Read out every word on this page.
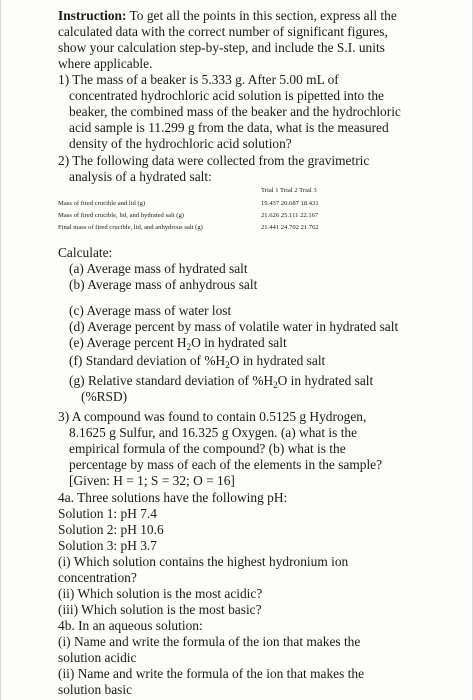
Instruction: To get all the points in this section, express all the
calculated data with the correct number of significant figures,
show your calculation step-by-step, and include the S.I. units
where applicable.
1) The mass of a beaker is 5.333 g. After 5.00 mL of
concentrated hydrochloric acid solution is pipetted into the
beaker, the combined mass of the beaker and the hydrochloric
acid sample is 11.299 g from the data, what is the measured
density of the hydrochloric acid solution?
2) The following data were collected from the gravimetric
analysis of a hydrated salt:
Trial 1 Trial 2 Trial 3
Mass of fired crucible and lid (g)	19.437 20.687 18.431
Mass of fired crucible, lid, and hydrated salt (g)	21.626 25.111 22.167
Final mass of fired crucible, lid, and anhydrous salt (g)	21.441 24.702 21.762
Calculate:
(a) Average mass of hydrated salt
(b) Average mass of anhydrous salt
(c) Average mass of water lost
(d) Average percent by mass of volatile water in hydrated salt
(e) Average percent $H_2O$ in hydrated salt
(f) Standard deviation of $\%H_2O$ in hydrated salt
(g) Relative standard deviation of $\%H_2O$ in hydrated salt
(%RSD)
3) A compound was found to contain 0.5125 g Hydrogen,
8.1625 g Sulfur, and 16.325 g Oxygen. (a) what is the
empirical formula of the compound? (b) what is the
percentage by mass of each of the elements in the sample?
[Given: H = 1; S = 32; O = 16]
4a. Three solutions have the following pH:
Solution 1: pH 7.4
Solution 2: pH 10.6
Solution 3: pH 3.7
(i) Which solution contains the highest hydronium ion
concentration?
(ii) Which solution is the most acidic?
(iii) Which solution is the most basic?
4b. In an aqueous solution:
(i) Name and write the formula of the ion that makes the
solution acidic
(ii) Name and write the formula of the ion that makes the
solution basic
